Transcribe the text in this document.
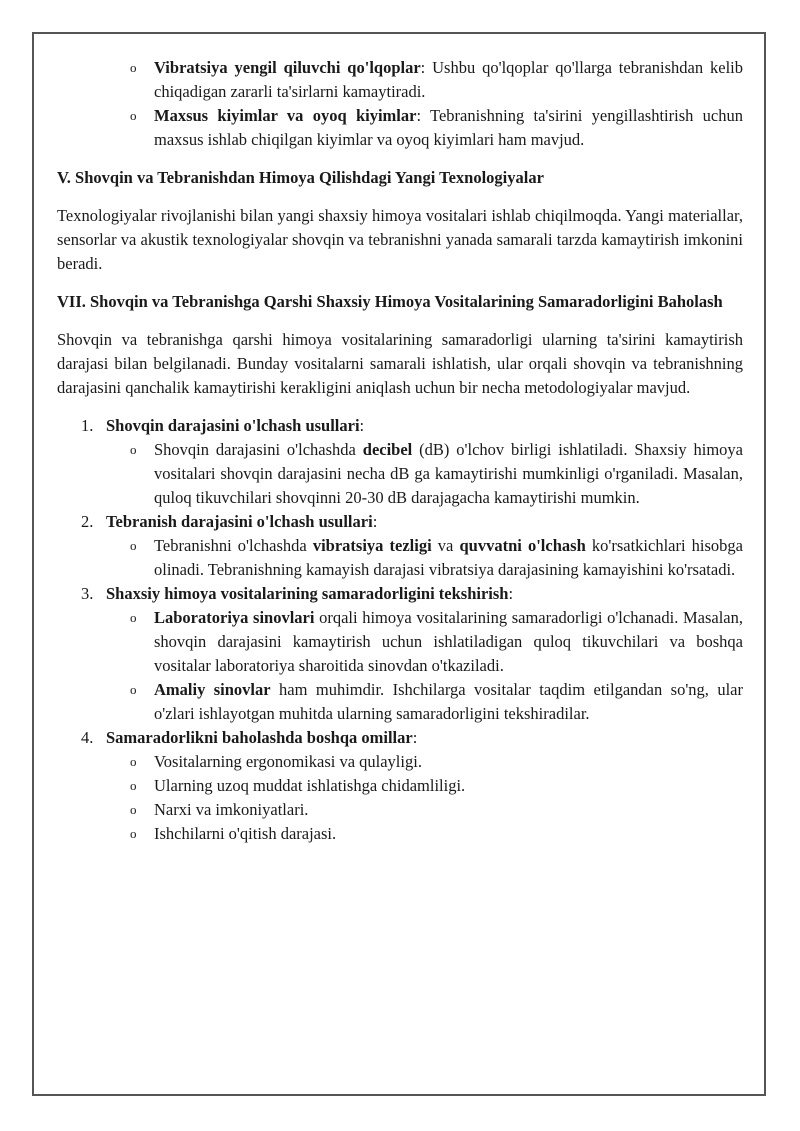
o Vibratsiya yengil qiluvchi qo'lqoplar: Ushbu qo'lqoplar qo'llarga tebranishdan kelib chiqadigan zararli ta'sirlarni kamaytiradi.

o Maxsus kiyimlar va oyoq kiyimlar: Tebranishning ta'sirini yengillashtirish uchun maxsus ishlab chiqilgan kiyimlar va oyoq kiyimlari ham mavjud.

V. Shovqin va Tebranishdan Himoya Qilishdagi Yangi Texnologiyalar

Texnologiyalar rivojlanishi bilan yangi shaxsiy himoya vositalari ishlab chiqilmoqda. Yangi materiallar, sensorlar va akustik texnologiyalar shovqin va tebranishni yanada samarali tarzda kamaytirish imkonini beradi.

VII. Shovqin va Tebranishga Qarshi Shaxsiy Himoya Vositalarining Samaradorligini Baholash

Shovqin va tebranishga qarshi himoya vositalarining samaradorligi ularning ta'sirini kamaytirish darajasi bilan belgilanadi. Bunday vositalarni samarali ishlatish, ular orqali shovqin va tebranishning darajasini qanchalik kamaytirishi kerakligini aniqlash uchun bir necha metodologiyalar mavjud.

1. Shovqin darajasini o'lchash usullari:

o Shovqin darajasini o'lchashda decibel (dB) o'lchov birligi ishlatiladi. Shaxsiy himoya vositalari shovqin darajasini necha dB ga kamaytirishi mumkinligi o'rganiladi. Masalan, quloq tikuvchilari shovqinni 20-30 dB darajagacha kamaytirishi mumkin.

2. Tebranish darajasini o'lchash usullari:

o Tebranishni o'lchashda vibratsiya tezligi va quvvatni o'lchash ko'rsatkichlari hisobga olinadi. Tebranishning kamayish darajasi vibratsiya darajasining kamayishini ko'rsatadi.

3. Shaxsiy himoya vositalarining samaradorligini tekshirish:

o Laboratoriya sinovlari orqali himoya vositalarining samaradorligi o'lchanadi. Masalan, shovqin darajasini kamaytirish uchun ishlatiladigan quloq tikuvchilari va boshqa vositalar laboratoriya sharoitida sinovdan o'tkaziladi.

o Amaliy sinovlar ham muhimdir. Ishchilarga vositalar taqdim etilgandan so'ng, ular o'zlari ishlayotgan muhitda ularning samaradorligini tekshiradilar.

4. Samaradorlikni baholashda boshqa omillar:

o Vositalarning ergonomikasi va qulayligi.

o Ularning uzoq muddat ishlatishga chidamliligi.

o Narxi va imkoniyatlari.

o Ishchilarni o'qitish darajasi.
